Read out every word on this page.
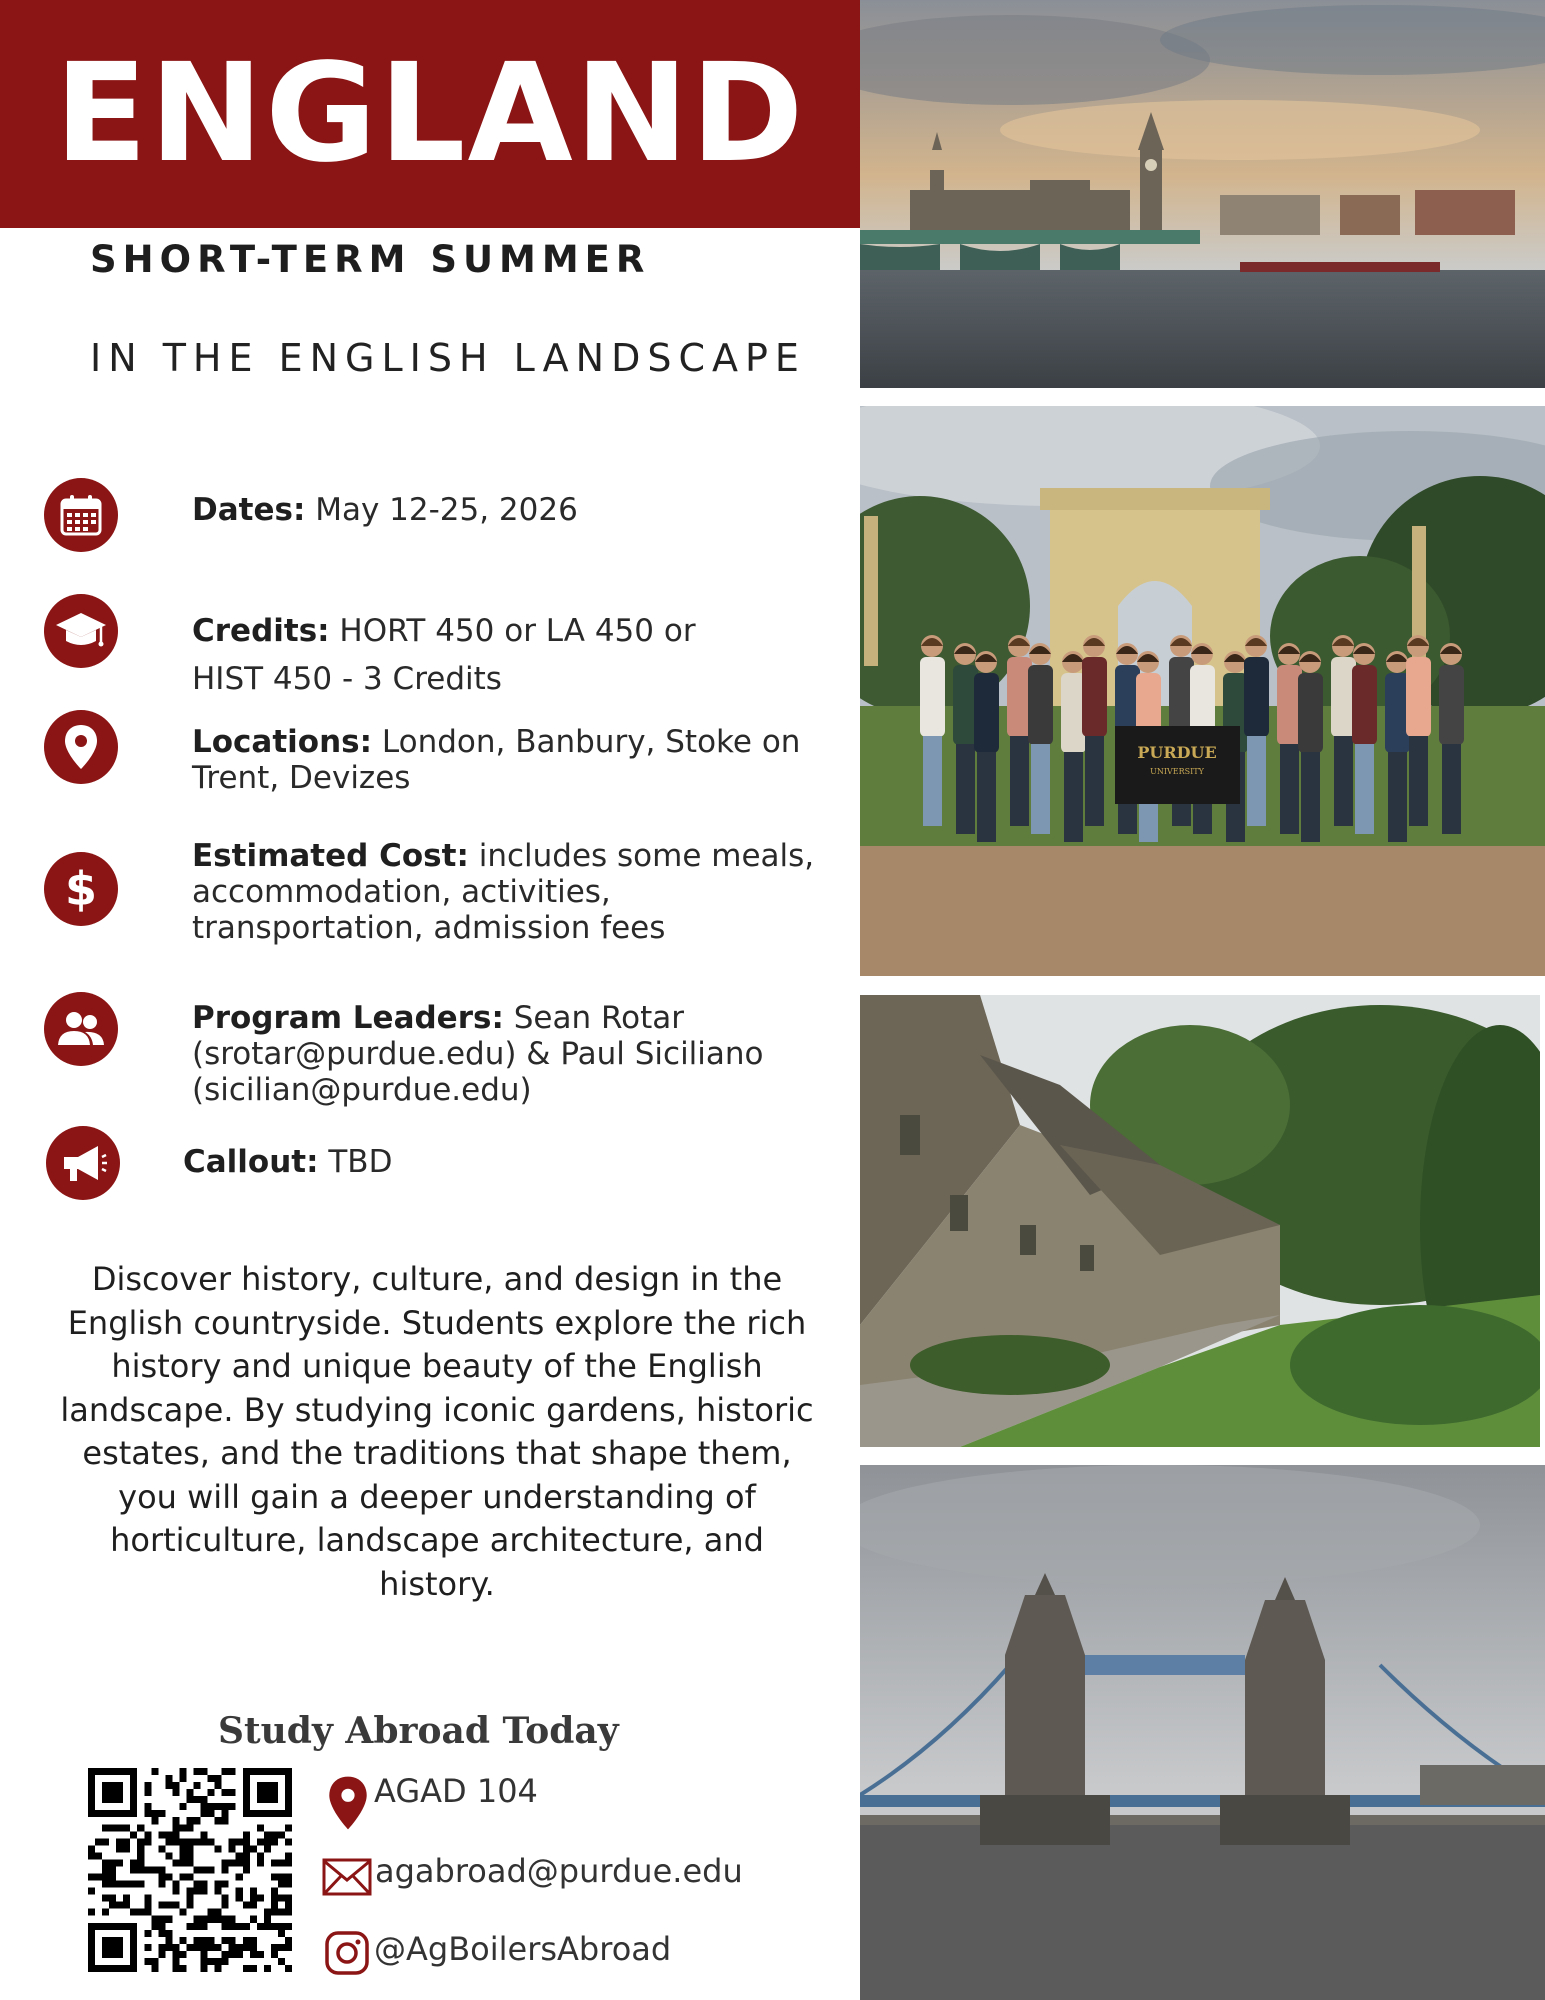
ENGLAND
SHORT-TERM SUMMER
IN THE ENGLISH LANDSCAPE
Dates: May 12-25, 2026
Credits: HORT 450 or LA 450 or
HIST 450 - 3 Credits
Locations: London, Banbury, Stoke on Trent, Devizes
$
Estimated Cost: includes some meals, accommodation, activities, transportation, admission fees
Program Leaders: Sean Rotar (srotar@purdue.edu) & Paul Siciliano (sicilian@purdue.edu)
Callout: TBD
Discover history, culture, and design in the English countryside. Students explore the rich history and unique beauty of the English landscape. By studying iconic gardens, historic estates, and the traditions that shape them, you will gain a deeper understanding of horticulture, landscape architecture, and history.
Study Abroad Today
AGAD 104
agabroad@purdue.edu
@AgBoilersAbroad
PURDUE
UNIVERSITY
